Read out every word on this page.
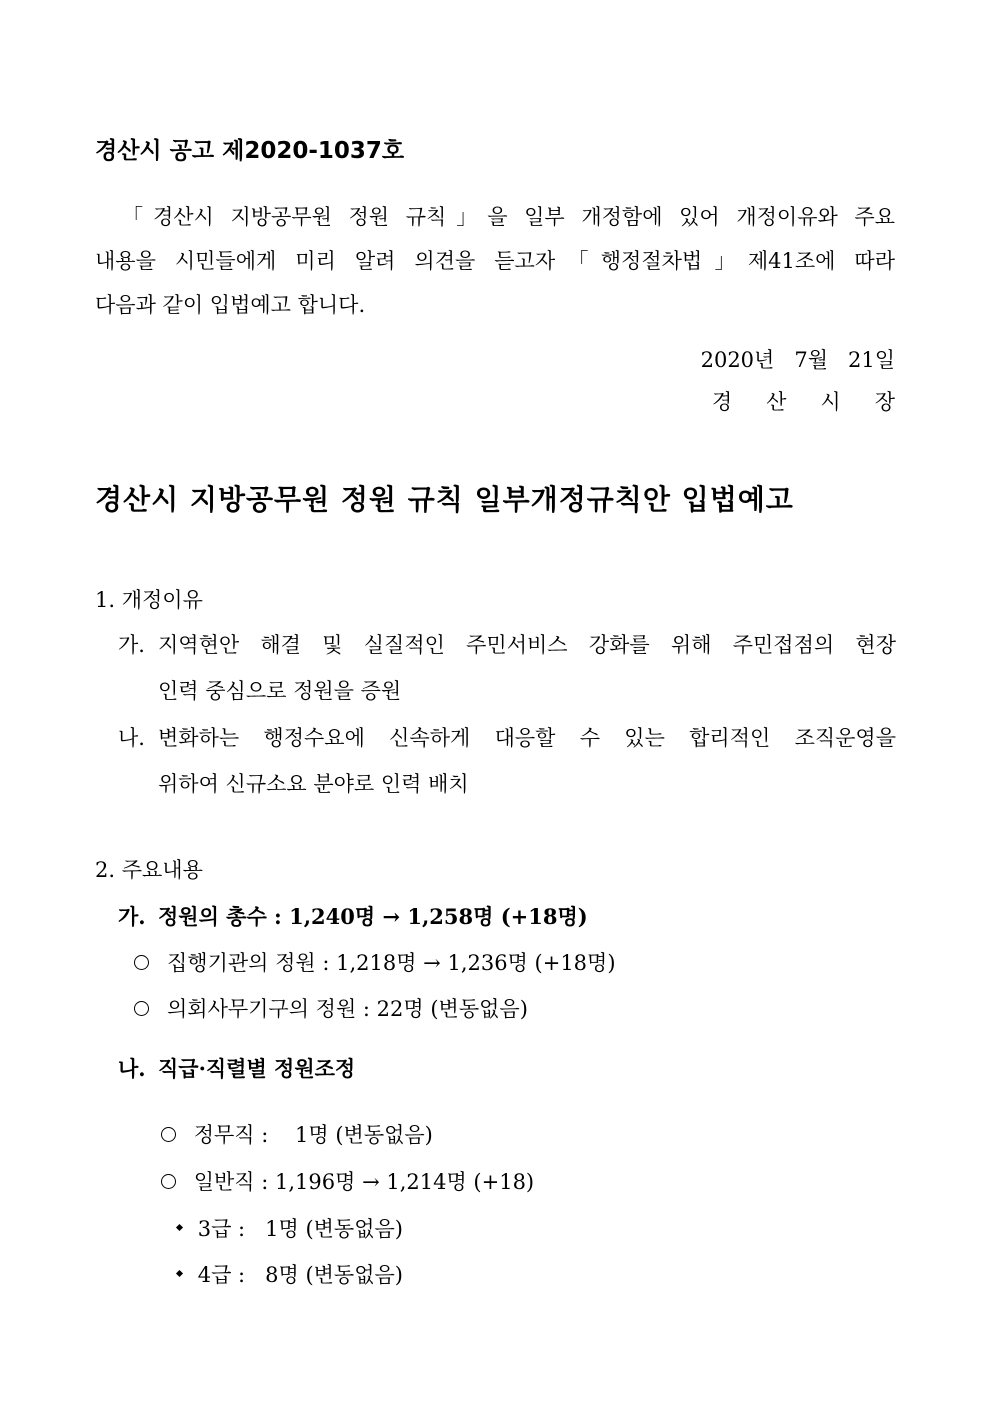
경산시 공고 제2020-1037호

「경산시 지방공무원 정원 규칙」을 일부 개정함에 있어 개정이유와 주요

내용을 시민들에게 미리 알려 의견을 듣고자「행정절차법」제41조에 따라

다음과 같이 입법예고 합니다.

2020년 7월 21일
경 산 시 장
경산시 지방공무원 정원 규칙 일부개정규칙안 입법예고
1. 개정이유
가. 지역현안 해결 및 실질적인 주민서비스 강화를 위해 주민접점의 현장
인력 중심으로 정원을 증원
나. 변화하는 행정수요에 신속하게 대응할 수 있는 합리적인 조직운영을
위하여 신규소요 분야로 인력 배치
2. 주요내용
가. 정원의 총수 : 1,240명 → 1,258명 (+18명)
집행기관의 정원 : 1,218명 → 1,236명 (+18명)
의회사무기구의 정원 : 22명 (변동없음)
나. 직급·직렬별 정원조정

정무직 :    1명 (변동없음)

일반직 : 1,196명 → 1,214명 (+18)

3급 :   1명 (변동없음)

4급 :   8명 (변동없음)
